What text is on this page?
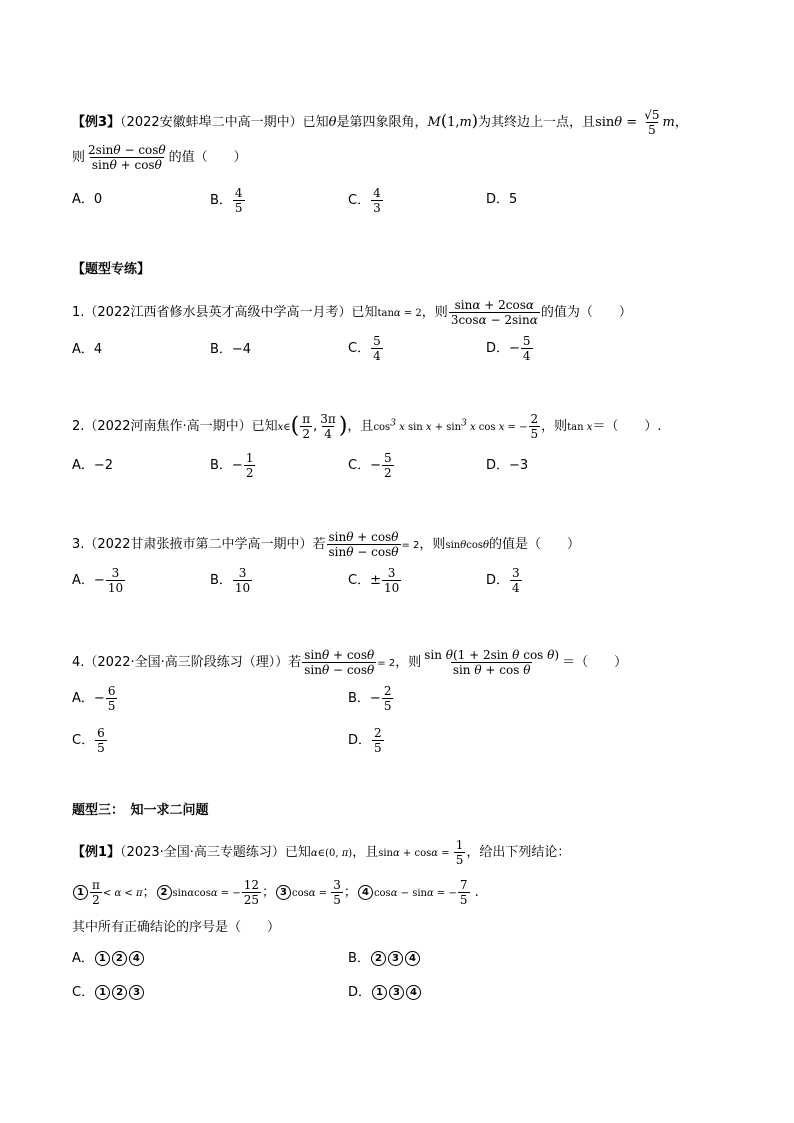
【例3】（2022安徽蚌埠二中高一期中）已知θ是第四象限角，M(1,m)为其终边上一点，且$\sin\theta = \frac{√5}{5}$ m，
则 $\frac{2\sin\theta - \cos\theta}{\sin\theta + \cos\theta}$ 的值（　　）
A．0	B． $\frac{4}{5}$	C． $\frac{4}{3}$	D．5
【题型专练】
1.（2022江西省修水县英才高级中学高一月考）已知tanα = 2，则 $\frac{\sin\alpha + 2\cos\alpha}{3\cos\alpha - 2\sin\alpha}$ 的值为（　　）
A．4	B．−4	C． $\frac{5}{4}$	D．− $\frac{5}{4}$
2.（2022河南焦作·高一期中）已知x∈( $\frac{\pi}{2}$ , $\frac{3\pi}{4}$ )，且$\cos^3 x$ $\sin x + \sin^3 x$ cos x = − $\frac{2}{5}$ ，则tan x＝（　　）.
A．−2	B．− $\frac{1}{2}$	C．− $\frac{5}{2}$	D．−3
3.（2022甘肃张掖市第二中学高一期中）若 $\frac{\sin\theta + \cos\theta}{\sin\theta - \cos\theta} = 2$，则sinθcosθ的值是（　　）
A．− $\frac{3}{10}$	B． $\frac{3}{10}$	C．± $\frac{3}{10}$	D． $\frac{3}{4}$
4.（2022·全国·高三阶段练习（理））若 $\frac{\sin\theta + \cos\theta}{\sin\theta - \cos\theta} = 2$，则 $\frac{\text{sin θ(1 + 2sin θ cos θ)}}{\text{sin θ + cos θ}}$ ＝（　　）
A．− $\frac{6}{5}$	B．− $\frac{2}{5}$
C． $\frac{6}{5}$	D． $\frac{2}{5}$
题型三：　知一求二问题
【例1】（2023·全国·高三专题练习）已知α∈(0, π)，且$\sin\alpha + \cos\alpha = \frac{1}{5}$ ，给出下列结论：
$1 \frac{\pi}{2} < \alpha < \pi$； 2 sinαcosα = − $\frac{12}{25}$ ； 3 $\cos\alpha = \frac{3}{5}$ ； 4 cosα − sinα = − $\frac{7}{5}$ .
其中所有正确结论的序号是（　　）
A． 1 2 4	B． 2 3 4
C． 1 2 3	D． 1 3 4
